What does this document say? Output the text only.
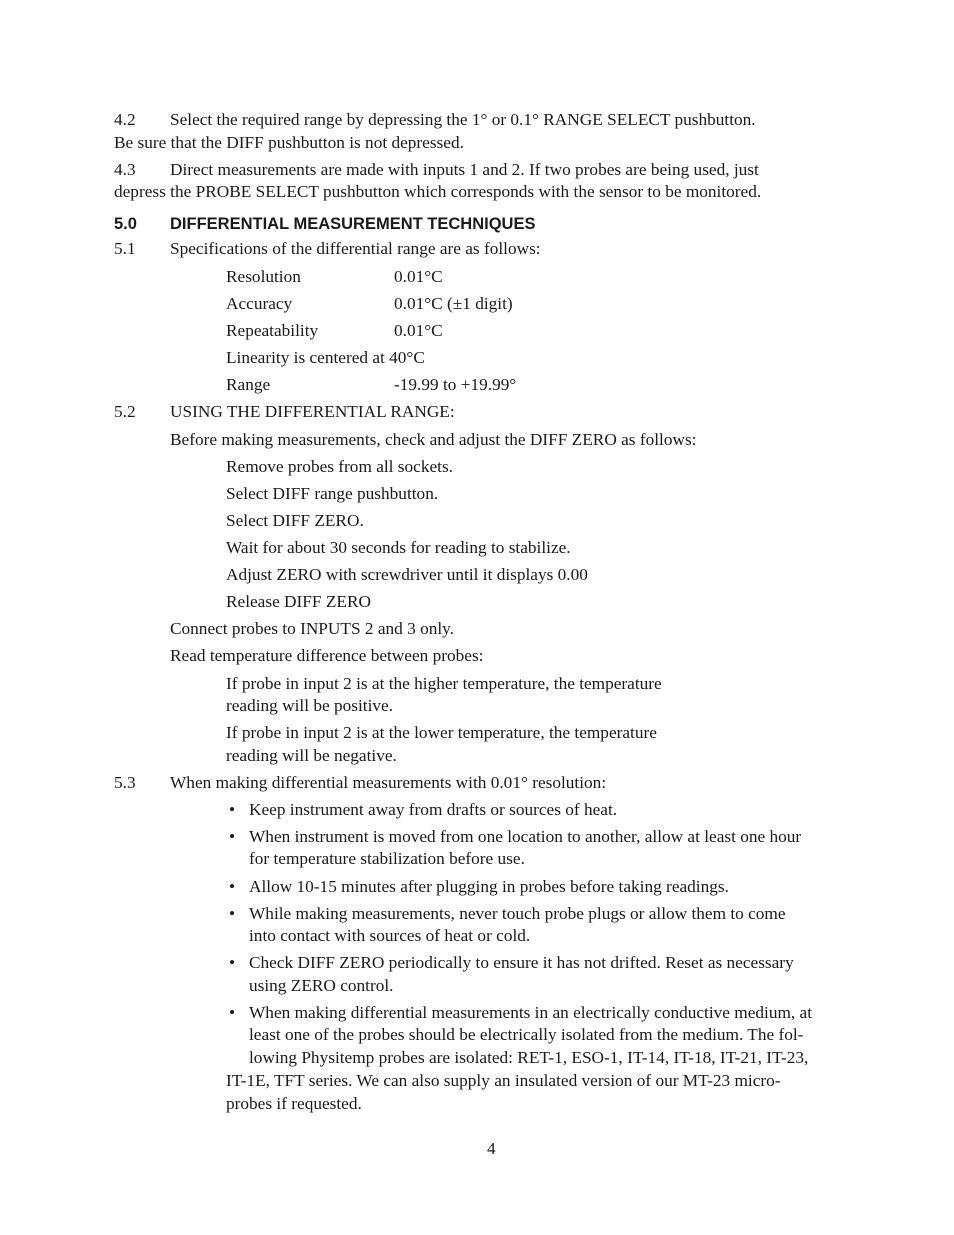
4.2 Select the required range by depressing the 1° or 0.1° RANGE SELECT pushbutton.
Be sure that the DIFF pushbutton is not depressed.
4.3 Direct measurements are made with inputs 1 and 2. If two probes are being used, just
depress the PROBE SELECT pushbutton which corresponds with the sensor to be monitored.
5.0 DIFFERENTIAL MEASUREMENT TECHNIQUES
5.1 Specifications of the differential range are as follows:
Resolution	0.01°C
Accuracy	0.01°C (±1 digit)
Repeatability	0.01°C
Linearity is centered at 40°C
Range	-19.99 to +19.99°
5.2 USING THE DIFFERENTIAL RANGE:
Before making measurements, check and adjust the DIFF ZERO as follows:
Remove probes from all sockets.
Select DIFF range pushbutton.
Select DIFF ZERO.
Wait for about 30 seconds for reading to stabilize.
Adjust ZERO with screwdriver until it displays 0.00
Release DIFF ZERO
Connect probes to INPUTS 2 and 3 only.
Read temperature difference between probes:
If probe in input 2 is at the higher temperature, the temperature
reading will be positive.
If probe in input 2 is at the lower temperature, the temperature
reading will be negative.
5.3 When making differential measurements with 0.01° resolution:
• Keep instrument away from drafts or sources of heat.
• When instrument is moved from one location to another, allow at least one hour
for temperature stabilization before use.
• Allow 10-15 minutes after plugging in probes before taking readings.
• While making measurements, never touch probe plugs or allow them to come
into contact with sources of heat or cold.
• Check DIFF ZERO periodically to ensure it has not drifted. Reset as necessary
using ZERO control.
• When making differential measurements in an electrically conductive medium, at
least one of the probes should be electrically isolated from the medium. The fol-
lowing Physitemp probes are isolated: RET-1, ESO-1, IT-14, IT-18, IT-21, IT-23,
IT-1E, TFT series. We can also supply an insulated version of our MT-23 micro-
probes if requested.
4
